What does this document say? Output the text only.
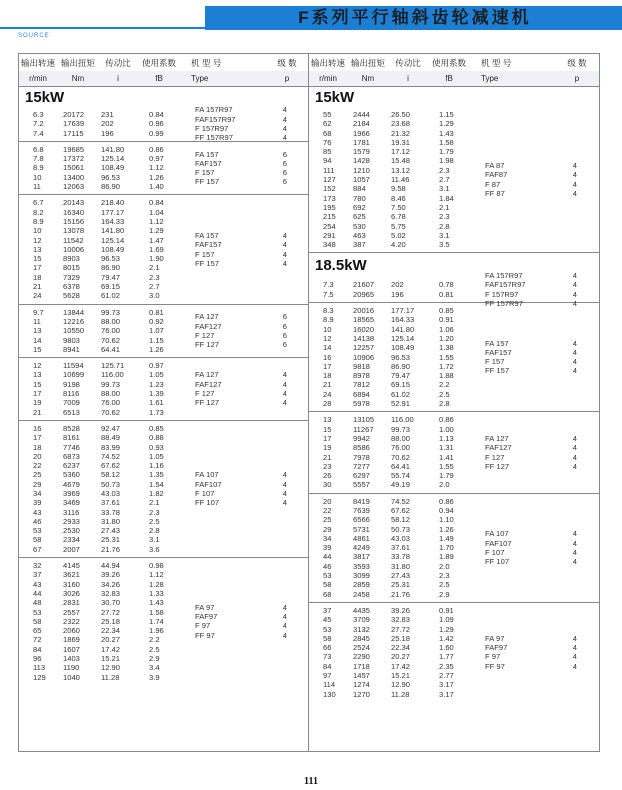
F系列平行轴斜齿轮减速机
SOURCE
输出转速 输出扭矩	传动比	使用系数	机 型 号	级 数
r/min	Nm	i	fB	Type	p
15kW
6.3	20172	231	0.84
7.2	17639	202	0.96
7.4	17115	196	0.99
FA 157R97	4
FAF157R97	4
F 157R97	4
FF 157R97	4
6.8	19685	141.80	0.86
7.8	17372	125.14	0.97
8.9	15061	108.49	1.12
10	13400	96.53	1.26
11	12063	86.90	1.40
FA 157	6
FAF157	6
F 157	6
FF 157	6
6.7	20143	218.40	0.84
8.2	16340	177.17	1.04
8.9	15156	164.33	1.12
10	13078	141.80	1.29
12	11542	125.14	1.47
13	10006	108.49	1.69
15	8903	96.53	1.90
17	8015	86.90	2.1
18	7329	79.47	2.3
21	6378	69.15	2.7
24	5628	61.02	3.0
FA 157	4
FAF157	4
F 157	4
FF 157	4
9.7	13844	99.73	0.81
11	12216	88.00	0.92
13	10550	76.00	1.07
14	9803	70.62	1.15
15	8941	64.41	1.26
FA 127	6
FAF127	6
F 127	6
FF 127	6
12	11594	125.71	0.97
13	10699	116.00	1.05
15	9198	99.73	1.23
17	8116	88.00	1.39
19	7009	76.00	1.61
21	6513	70.62	1.73
FA 127	4
FAF127	4
F 127	4
FF 127	4
16	8528	92.47	0.85
17	8161	88.49	0.88
18	7746	83.99	0.93
20	6873	74.52	1.05
22	6237	67.62	1.16
25	5360	58.12	1.35
29	4679	50.73	1.54
34	3969	43.03	1.82
39	3469	37.61	2.1
43	3116	33.78	2.3
46	2933	31.80	2.5
53	2530	27.43	2.8
58	2334	25.31	3.1
67	2007	21.76	3.6
FA 107	4
FAF107	4
F 107	4
FF 107	4
32	4145	44.94	0.98
37	3621	39.26	1.12
43	3160	34.26	1.28
44	3026	32.83	1.33
48	2831	30.70	1.43
53	2557	27.72	1.58
58	2322	25.18	1.74
65	2060	22.34	1.96
72	1869	20.27	2.2
84	1607	17.42	2.5
96	1403	15.21	2.9
113	1190	12.90	3.4
129	1040	11.28	3.9
FA 97	4
FAF97	4
F 97	4
FF 97	4
输出转速 输出扭矩	传动比	使用系数	机 型 号	级 数
r/min	Nm	i	fB	Type	p
15kW
55	2444	26.50	1.15
62	2184	23.68	1.29
68	1966	21.32	1.43
76	1781	19.31	1.58
85	1579	17.12	1.79
94	1428	15.48	1.98
111	1210	13.12	2.3
127	1057	11.46	2.7
152	884	9.58	3.1
173	780	8.46	1.84
195	692	7.50	2.1
215	625	6.78	2.3
254	530	5.75	2.8
291	463	5.02	3.1
348	387	4.20	3.5
FA 87	4
FAF87	4
F 87	4
FF 87	4
18.5kW
7.3	21607	202	0.78
7.5	20965	196	0.81
FA 157R97	4
FAF157R97	4
F 157R97	4
FF 157R97	4
8.3	20016	177.17	0.85
8.9	18565	164.33	0.91
10	16020	141.80	1.06
12	14138	125.14	1.20
14	12257	108.49	1.38
16	10906	96.53	1.55
17	9818	86.90	1.72
18	8978	79.47	1.88
21	7812	69.15	2.2
24	6894	61.02	2.5
28	5978	52.91	2.8
FA 157	4
FAF157	4
F 157	4
FF 157	4
13	13105	116.00	0.86
15	11267	99.73	1.00
17	9942	88.00	1.13
19	8586	76.00	1.31
21	7978	70.62	1.41
23	7277	64.41	1.55
26	6297	55.74	1.79
30	5557	49.19	2.0
FA 127	4
FAF127	4
F 127	4
FF 127	4
20	8419	74.52	0.86
22	7639	67.62	0.94
25	6566	58.12	1.10
29	5731	50.73	1.26
34	4861	43.03	1.49
39	4249	37.61	1.70
44	3817	33.78	1.89
46	3593	31.80	2.0
53	3099	27.43	2.3
58	2859	25.31	2.5
68	2458	21.76	2.9
FA 107	4
FAF107	4
F 107	4
FF 107	4
37	4435	39.26	0.91
45	3709	32.83	1.09
53	3132	27.72	1.29
58	2845	25.18	1.42
66	2524	22.34	1.60
73	2290	20.27	1.77
84	1718	17.42	2.35
97	1457	15.21	2.77
114	1274	12.90	3.17
130	1270	11.28	3.17
FA 97	4
FAF97	4
F 97	4
FF 97	4
111
